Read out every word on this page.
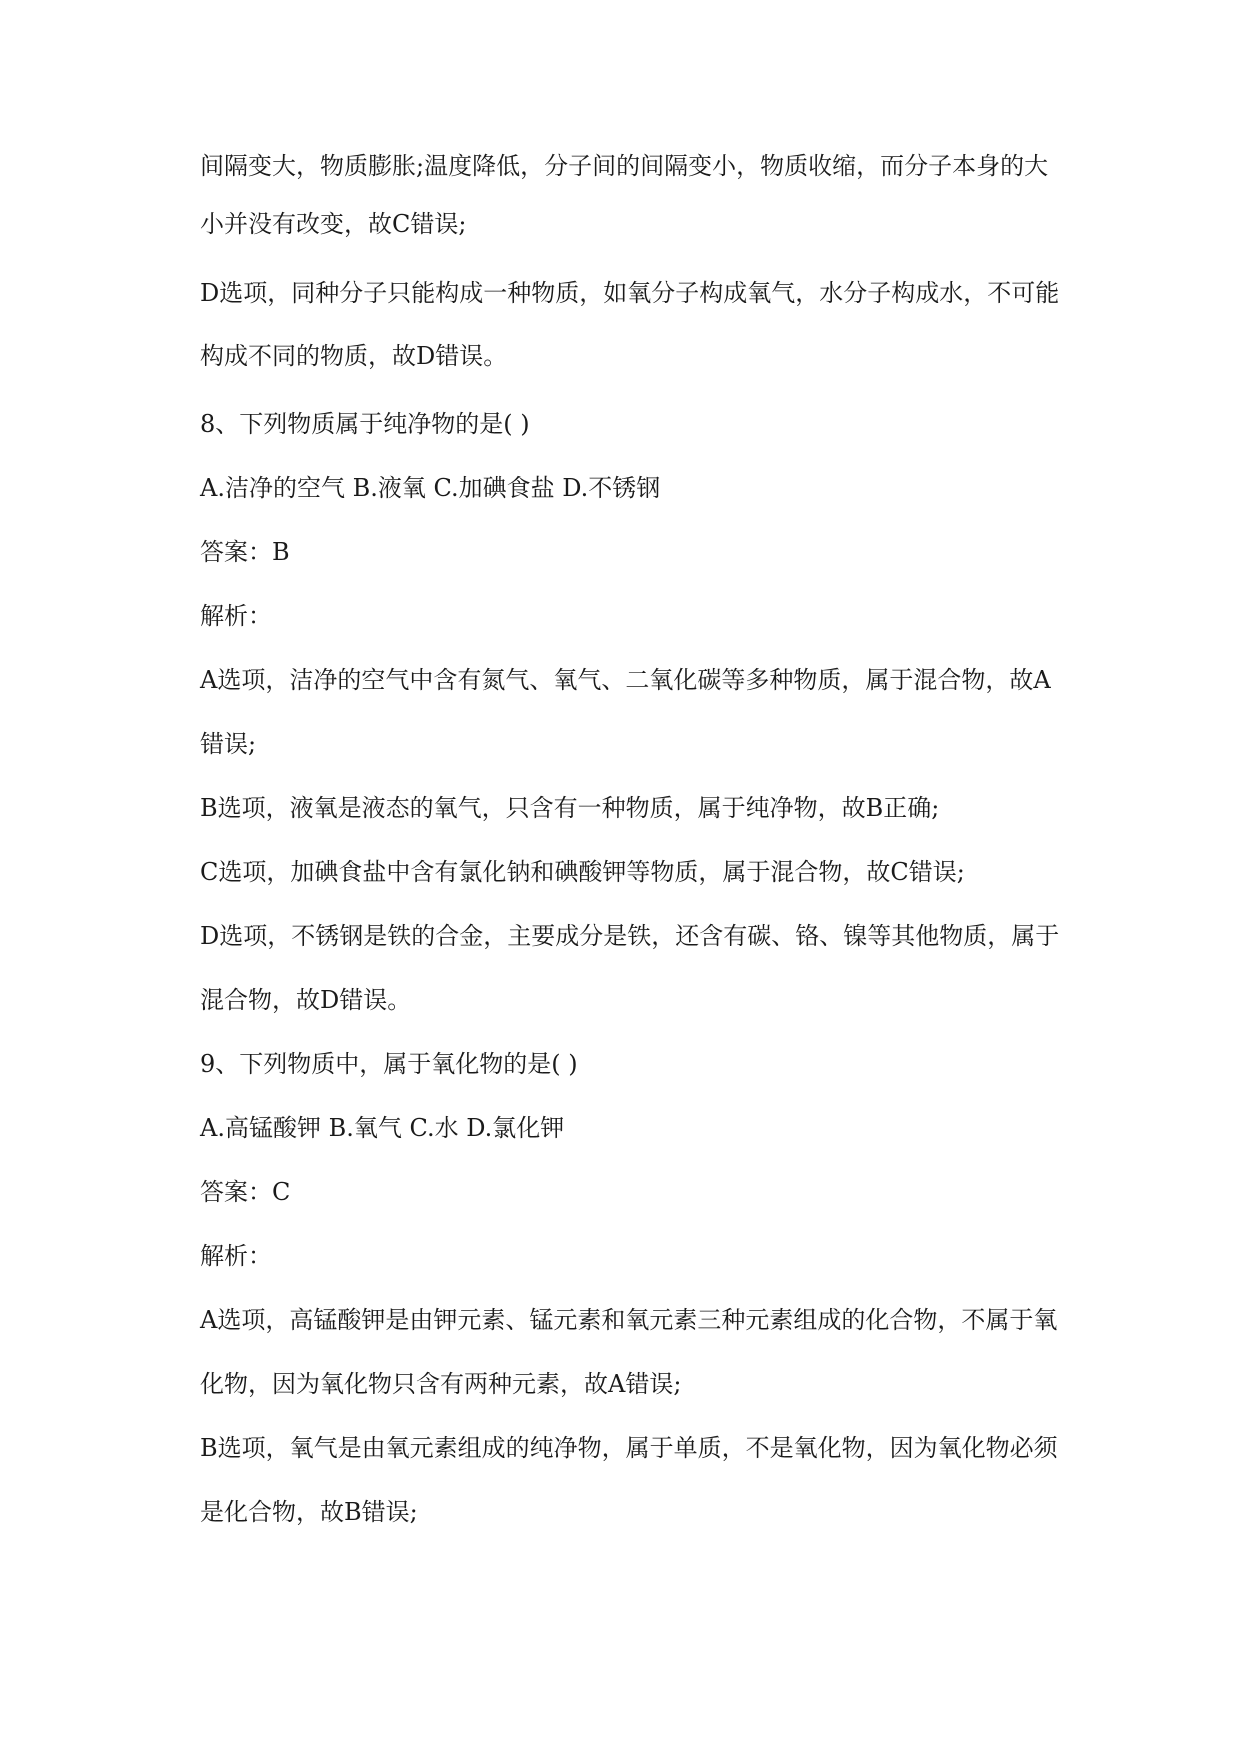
间隔变大，物质膨胀;温度降低，分子间的间隔变小，物质收缩，而分子本身的大
小并没有改变，故C错误;
D选项，同种分子只能构成一种物质，如氧分子构成氧气，水分子构成水，不可能
构成不同的物质，故D错误。
8、下列物质属于纯净物的是( )
A.洁净的空气 B.液氧 C.加碘食盐 D.不锈钢
答案：B
解析：
A选项，洁净的空气中含有氮气、氧气、二氧化碳等多种物质，属于混合物，故A
错误;
B选项，液氧是液态的氧气，只含有一种物质，属于纯净物，故B正确;
C选项，加碘食盐中含有氯化钠和碘酸钾等物质，属于混合物，故C错误;
D选项，不锈钢是铁的合金，主要成分是铁，还含有碳、铬、镍等其他物质，属于
混合物，故D错误。
9、下列物质中，属于氧化物的是( )
A.高锰酸钾 B.氧气 C.水 D.氯化钾
答案：C
解析：
A选项，高锰酸钾是由钾元素、锰元素和氧元素三种元素组成的化合物，不属于氧
化物，因为氧化物只含有两种元素，故A错误;
B选项，氧气是由氧元素组成的纯净物，属于单质，不是氧化物，因为氧化物必须
是化合物，故B错误;
